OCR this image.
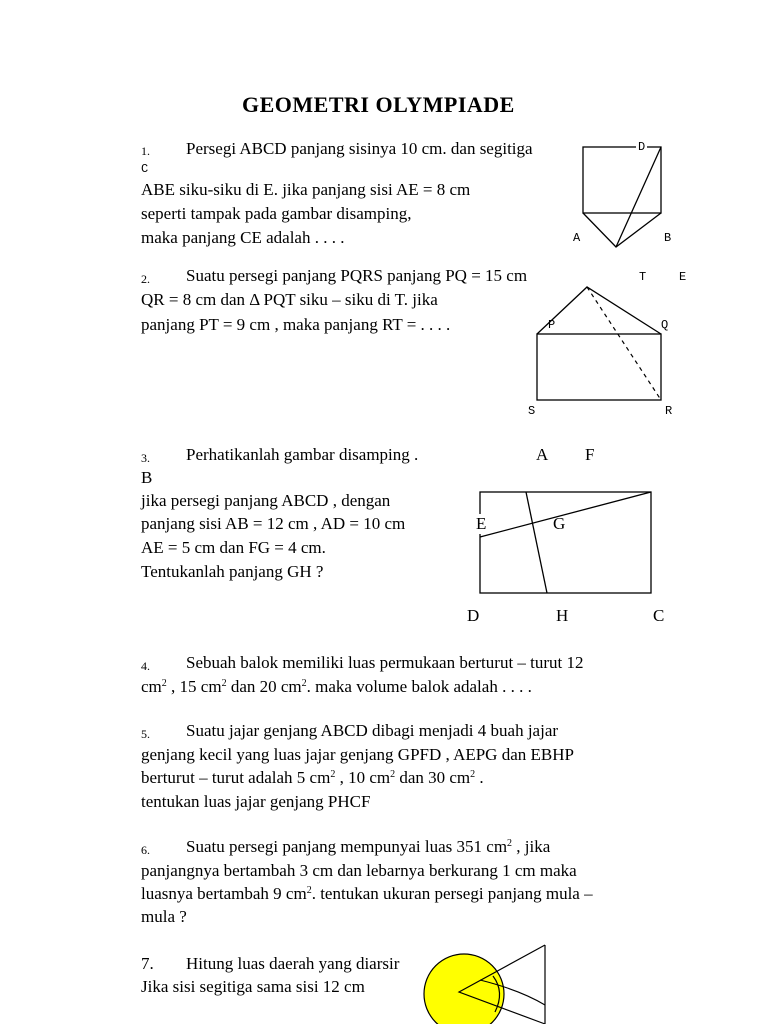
GEOMETRI OLYMPIADE
1. Persegi ABCD panjang sisinya 10 cm. dan segitiga
C
ABE siku-siku di E. jika panjang sisi AE = 8 cm
seperti tampak pada gambar disamping,
maka panjang CE adalah . . . .
D
A	B
2. Suatu persegi panjang PQRS panjang PQ = 15 cm
QR = 8 cm dan Δ PQT siku – siku di T. jika
panjang PT = 9 cm , maka panjang RT = . . . .
T	E
P	Q
S	R
3. Perhatikanlah gambar disamping .
B
jika persegi panjang ABCD , dengan
panjang sisi AB = 12 cm , AD = 10 cm
AE = 5 cm dan FG = 4 cm.
Tentukanlah panjang GH ?
A F
E	G
D	H	C
4. Sebuah balok memiliki luas permukaan berturut – turut 12
$cm^2$ , 15 $cm^2$ dan 20 $cm^2$. maka volume balok adalah . . . .
5. Suatu jajar genjang ABCD dibagi menjadi 4 buah jajar
genjang kecil yang luas jajar genjang GPFD , AEPG dan EBHP
berturut – turut adalah 5 $cm^2$ , 10 $cm^2$ dan 30 $cm^2$ .
tentukan luas jajar genjang PHCF
6. Suatu persegi panjang mempunyai luas 351 $cm^2$ , jika
panjangnya bertambah 3 cm dan lebarnya berkurang 1 cm maka
luasnya bertambah 9 $cm^2$. tentukan ukuran persegi panjang mula –
mula ?
7. Hitung luas daerah yang diarsir
Jika sisi segitiga sama sisi 12 cm
